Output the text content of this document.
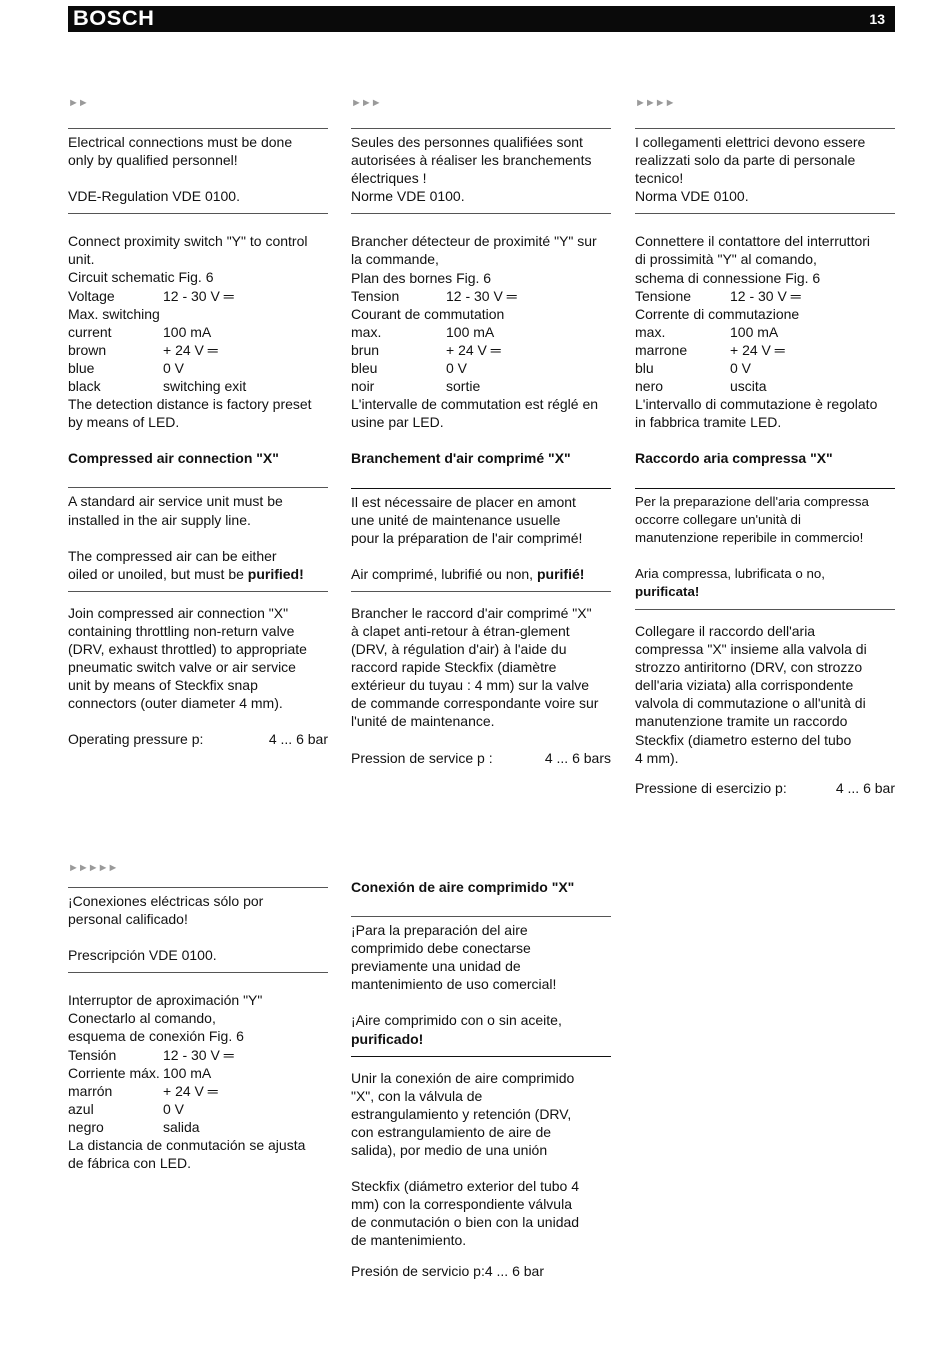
BOSCH	13
►►

Electrical connections must be done

only by qualified personnel!

VDE-Regulation VDE 0100.

Connect proximity switch "Y" to control

unit.

Circuit schematic Fig. 6

Voltage	12 - 30 V ═

Max. switching

current	100 mA
brown	+ 24 V ═
blue	0 V
black	switching exit

The detection distance is factory preset

by means of LED.

Compressed air connection "X"

A standard air service unit must be

installed in the air supply line.

The compressed air can be either

oiled or unoiled, but must be purified!

Join compressed air connection "X"

containing throttling non-return valve

(DRV, exhaust throttled) to appropriate

pneumatic switch valve or air service

unit by means of Steckfix snap

connectors (outer diameter 4 mm).

Operating pressure p:	4 ... 6 bar
►►►

Seules des personnes qualifiées sont

autorisées à réaliser les branchements

électriques !

Norme VDE 0100.

Brancher détecteur de proximité "Y" sur

la commande,

Plan des bornes Fig. 6

Tension	12 - 30 V ═

Courant de commutation

max.	100 mA
brun	+ 24 V ═
bleu	0 V
noir	sortie

L'intervalle de commutation est réglé en

usine par LED.

Branchement d'air comprimé "X"

Il est nécessaire de placer en amont

une unité de maintenance usuelle

pour la préparation de l'air comprimé!

Air comprimé, lubrifié ou non, purifié!

Brancher le raccord d'air comprimé "X"

à clapet anti-retour à étran-glement

(DRV, à régulation d'air) à l'aide du

raccord rapide Steckfix (diamètre

extérieur du tuyau : 4 mm) sur la valve

de commande correspondante voire sur

l'unité de maintenance.

Pression de service p :	4 ... 6 bars
►►►►

I collegamenti elettrici devono essere

realizzati solo da parte di personale

tecnico!

Norma VDE 0100.

Connettere il contattore del interruttori

di prossimità "Y" al comando,

schema di connessione Fig. 6

Tensione	12 - 30 V ═

Corrente di commutazione

max.	100 mA
marrone	+ 24 V ═
blu	0 V
nero	uscita

L'intervallo di commutazione è regolato

in fabbrica tramite LED.

Raccordo aria compressa "X"

Per la preparazione dell'aria compressa

occorre collegare un'unità di

manutenzione reperibile in commercio!

Aria compressa, lubrificata o no,

purificata!

Collegare il raccordo dell'aria

compressa "X" insieme alla valvola di

strozzo antiritorno (DRV, con strozzo

dell'aria viziata) alla corrispondente

valvola di commutazione o all'unità di

manutenzione tramite un raccordo

Steckfix (diametro esterno del tubo

4 mm).

Pressione di esercizio p:	4 ... 6 bar
►►►►►

¡Conexiones eléctricas sólo por

personal calificado!

Prescripción VDE 0100.

Interruptor de aproximación "Y"

Conectarlo al comando,

esquema de conexión Fig. 6

Tensión	12 - 30 V ═
Corriente máx. 100 mA
marrón	+ 24 V ═
azul	0 V
negro	salida

La distancia de conmutación se ajusta

de fábrica con LED.

Conexión de aire comprimido "X"

¡Para la preparación del aire

comprimido debe conectarse

previamente una unidad de

mantenimiento de uso comercial!

¡Aire comprimido con o sin aceite,

purificado!

Unir la conexión de aire comprimido

"X", con la válvula de

estrangulamiento y retención (DRV,

con estrangulamiento de aire de

salida), por medio de una unión

Steckfix (diámetro exterior del tubo 4

mm) con la correspondiente válvula

de conmutación o bien con la unidad

de mantenimiento.

Presión de servicio p:4 ... 6 bar
